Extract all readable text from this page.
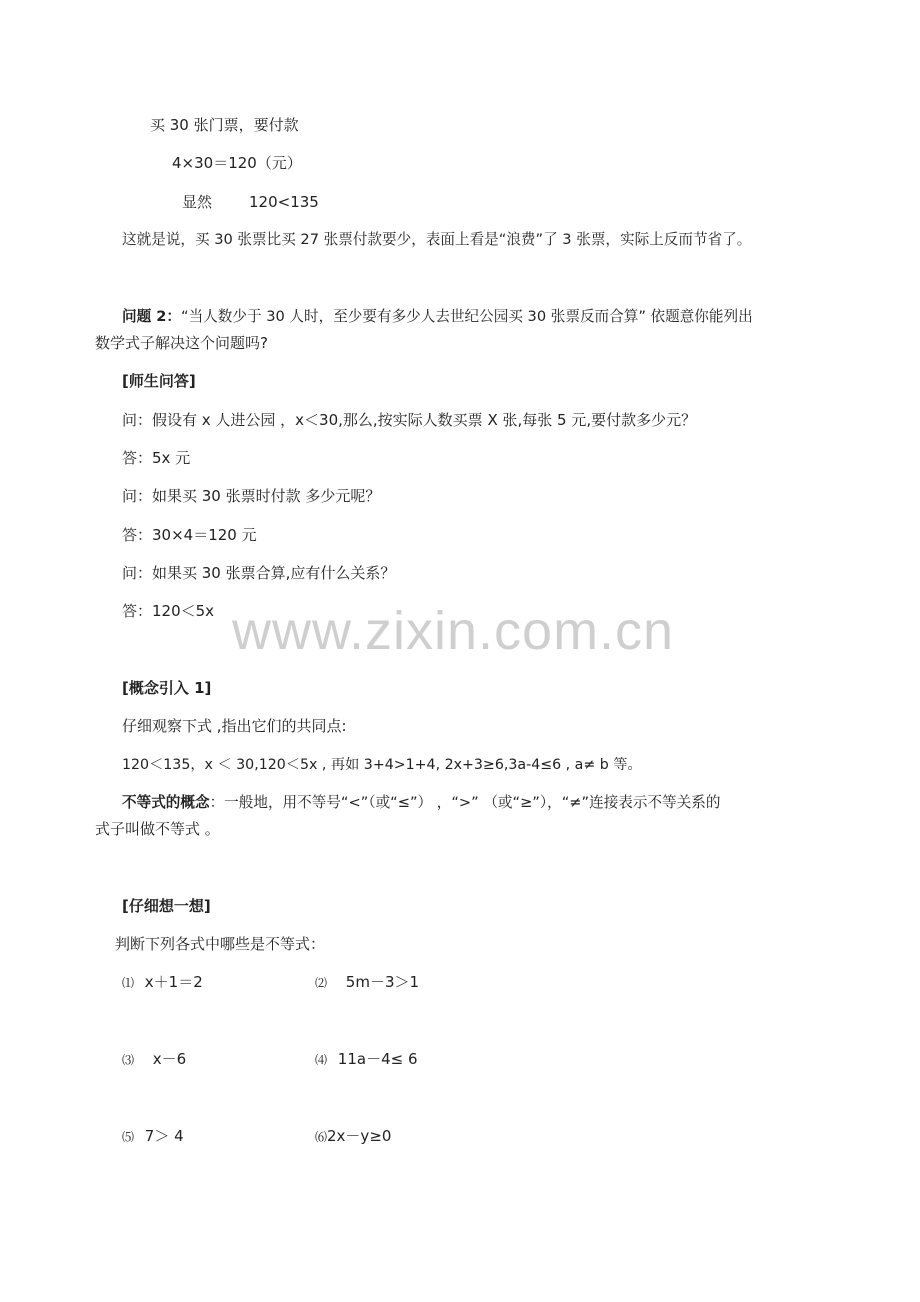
买 30 张门票，要付款
4×30＝120（元）
显然 120<135
这就是说，买 30 张票比买 27 张票付款要少，表面上看是“浪费”了 3 张票，实际上反而节省了。
问题 2：“当人数少于 30 人时，至少要有多少人去世纪公园买 30 张票反而合算” 依题意你能列出
数学式子解决这个问题吗?
[师生问答]
问：假设有 x 人进公园 ，x＜30,那么,按实际人数买票 X 张,每张 5 元,要付款多少元？
答：5x 元
问：如果买 30 张票时付款 多少元呢？
答：30×4＝120 元
问：如果买 30 张票合算,应有什么关系？
答：120＜5x www.zixin.com.cn
[概念引入 1]
仔细观察下式 ,指出它们的共同点:
120＜135，x ＜ 30,120＜5x , 再如 3+4>1+4, 2x+3≥6,3a-4≤6 , a≠ b 等。
不等式的概念：一般地，用不等号“<”（或“≤”） ，“>” （或“≥”），“≠”连接表示不等关系的
式子叫做不等式 。
[仔细想一想]
判断下列各式中哪些是不等式：
⑴ x＋1＝2	⑵ 5m－3＞1
⑶ x－6	⑷ 11a－4≤ 6
⑸ 7＞ 4	⑹2x－y≥0
